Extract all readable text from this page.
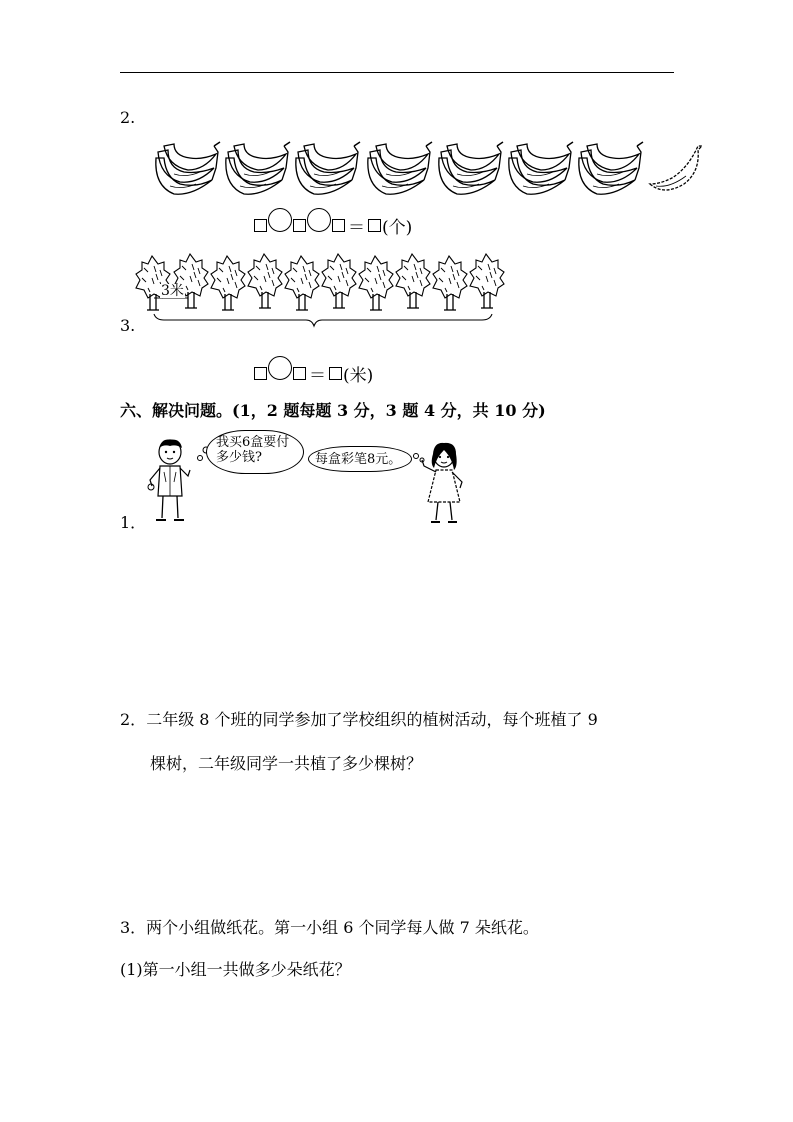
2.
＝ (个)
3米
3.
＝ (米)
六、解决问题。(1，2 题每题 3 分，3 题 4 分，共 10 分)
我买6盒要付
多少钱?	每盒彩笔8元。
1．
2．二年级 8 个班的同学参加了学校组织的植树活动，每个班植了 9
棵树，二年级同学一共植了多少棵树？
3．两个小组做纸花。第一小组 6 个同学每人做 7 朵纸花。
(1)第一小组一共做多少朵纸花？
